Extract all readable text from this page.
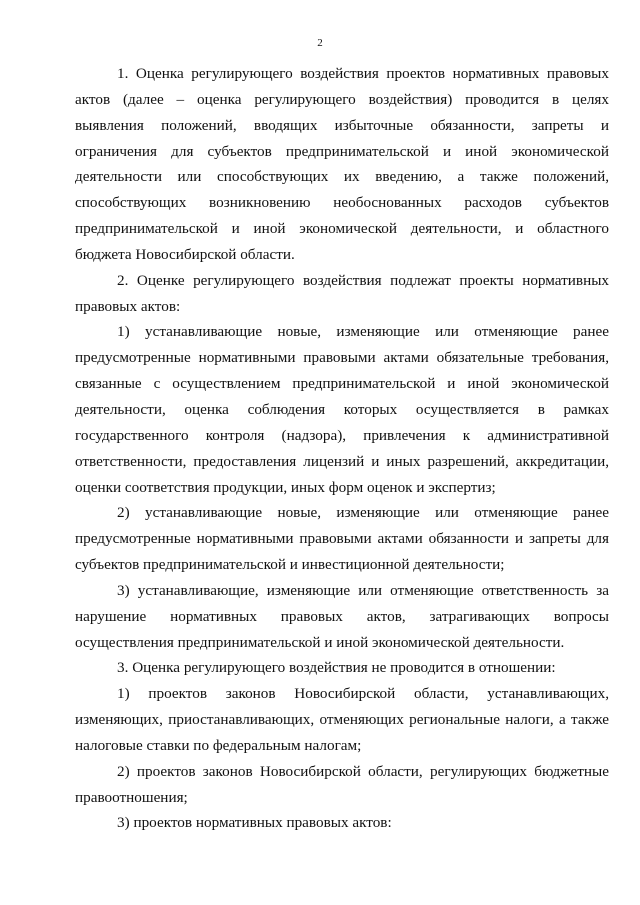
2

1. Оценка регулирующего воздействия проектов нормативных правовых актов (далее – оценка регулирующего воздействия) проводится в целях выявления положений, вводящих избыточные обязанности, запреты и ограничения для субъектов предпринимательской и иной экономической деятельности или способствующих их введению, а также положений, способствующих возникновению необоснованных расходов субъектов предпринимательской и иной экономической деятельности, и областного бюджета Новосибирской области.

2. Оценке регулирующего воздействия подлежат проекты нормативных правовых актов:

1) устанавливающие новые, изменяющие или отменяющие ранее предусмотренные нормативными правовыми актами обязательные требования, связанные с осуществлением предпринимательской и иной экономической деятельности, оценка соблюдения которых осуществляется в рамках государственного контроля (надзора), привлечения к административной ответственности, предоставления лицензий и иных разрешений, аккредитации, оценки соответствия продукции, иных форм оценок и экспертиз;

2) устанавливающие новые, изменяющие или отменяющие ранее предусмотренные нормативными правовыми актами обязанности и запреты для субъектов предпринимательской и инвестиционной деятельности;

3) устанавливающие, изменяющие или отменяющие ответственность за нарушение нормативных правовых актов, затрагивающих вопросы осуществления предпринимательской и иной экономической деятельности.

3. Оценка регулирующего воздействия не проводится в отношении:

1) проектов законов Новосибирской области, устанавливающих, изменяющих, приостанавливающих, отменяющих региональные налоги, а также налоговые ставки по федеральным налогам;

2) проектов законов Новосибирской области, регулирующих бюджетные правоотношения;

3) проектов нормативных правовых актов:
